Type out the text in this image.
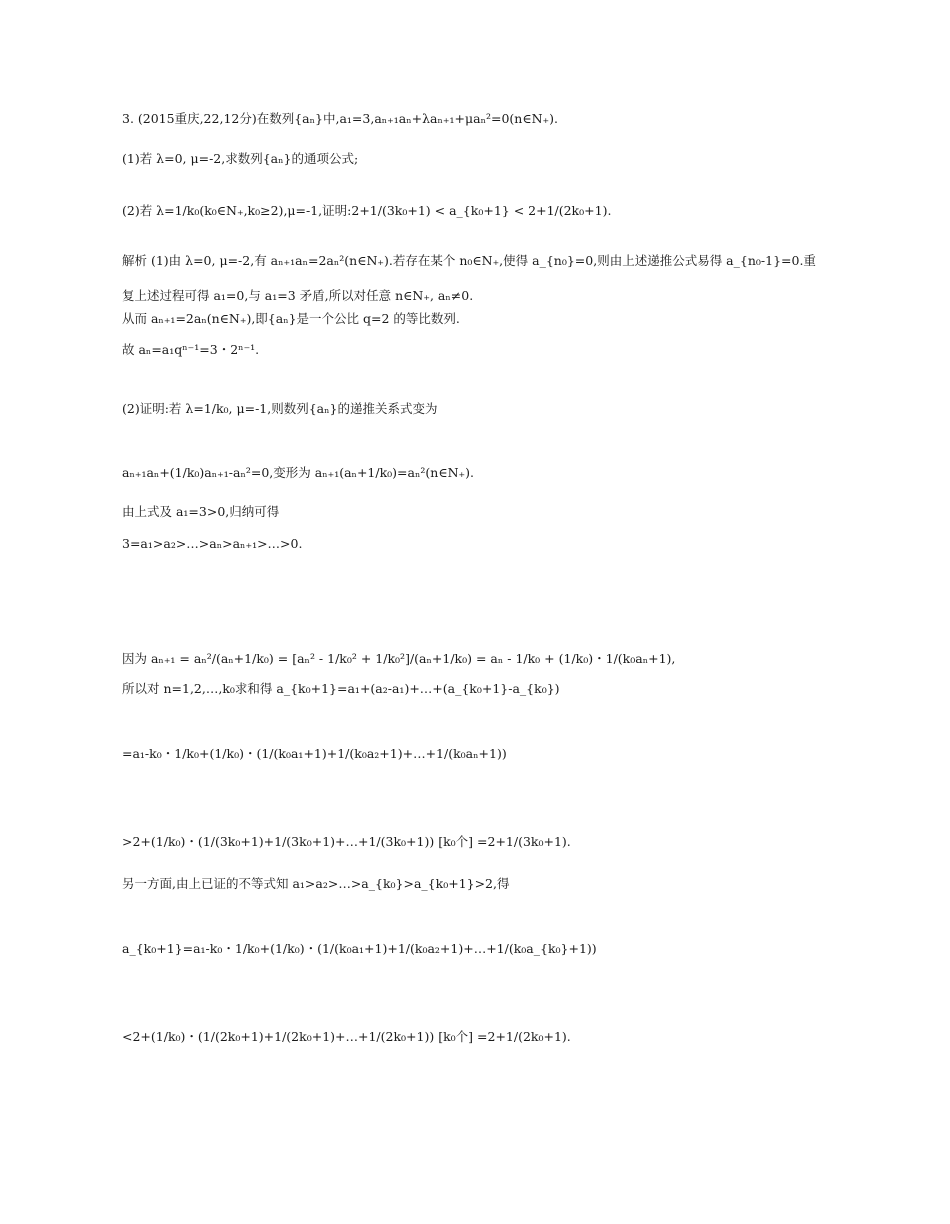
3. (2015重庆,22,12分)在数列{aₙ}中,a₁=3,aₙ₊₁aₙ+λaₙ₊₁+μaₙ²=0(n∈N₊).
(1)若 λ=0, μ=-2,求数列{aₙ}的通项公式;
(2)若 λ=1/k₀(k₀∈N₊,k₀≥2),μ=-1,证明:2+1/(3k₀+1) < a_{k₀+1} < 2+1/(2k₀+1).
解析 (1)由 λ=0, μ=-2,有 aₙ₊₁aₙ=2aₙ²(n∈N₊).若存在某个 n₀∈N₊,使得 a_{n₀}=0,则由上述递推公式易得 a_{n₀-1}=0.重
复上述过程可得 a₁=0,与 a₁=3 矛盾,所以对任意 n∈N₊, aₙ≠0.
从而 aₙ₊₁=2aₙ(n∈N₊),即{aₙ}是一个公比 q=2 的等比数列.
故 aₙ=a₁qⁿ⁻¹=3・2ⁿ⁻¹.
(2)证明:若 λ=1/k₀, μ=-1,则数列{aₙ}的递推关系式变为
aₙ₊₁aₙ+(1/k₀)aₙ₊₁-aₙ²=0,变形为 aₙ₊₁(aₙ+1/k₀)=aₙ²(n∈N₊).
由上式及 a₁=3>0,归纳可得
3=a₁>a₂>…>aₙ>aₙ₊₁>…>0.
因为 aₙ₊₁ = aₙ²/(aₙ+1/k₀) = [aₙ² - 1/k₀² + 1/k₀²]/(aₙ+1/k₀) = aₙ - 1/k₀ + (1/k₀)・1/(k₀aₙ+1),
所以对 n=1,2,…,k₀求和得 a_{k₀+1}=a₁+(a₂-a₁)+…+(a_{k₀+1}-a_{k₀})
=a₁-k₀・1/k₀+(1/k₀)・(1/(k₀a₁+1)+1/(k₀a₂+1)+…+1/(k₀aₙ+1))
>2+(1/k₀)・(1/(3k₀+1)+1/(3k₀+1)+…+1/(3k₀+1)) [k₀个] =2+1/(3k₀+1).
另一方面,由上已证的不等式知 a₁>a₂>…>a_{k₀}>a_{k₀+1}>2,得
a_{k₀+1}=a₁-k₀・1/k₀+(1/k₀)・(1/(k₀a₁+1)+1/(k₀a₂+1)+…+1/(k₀a_{k₀}+1))
<2+(1/k₀)・(1/(2k₀+1)+1/(2k₀+1)+…+1/(2k₀+1)) [k₀个] =2+1/(2k₀+1).
